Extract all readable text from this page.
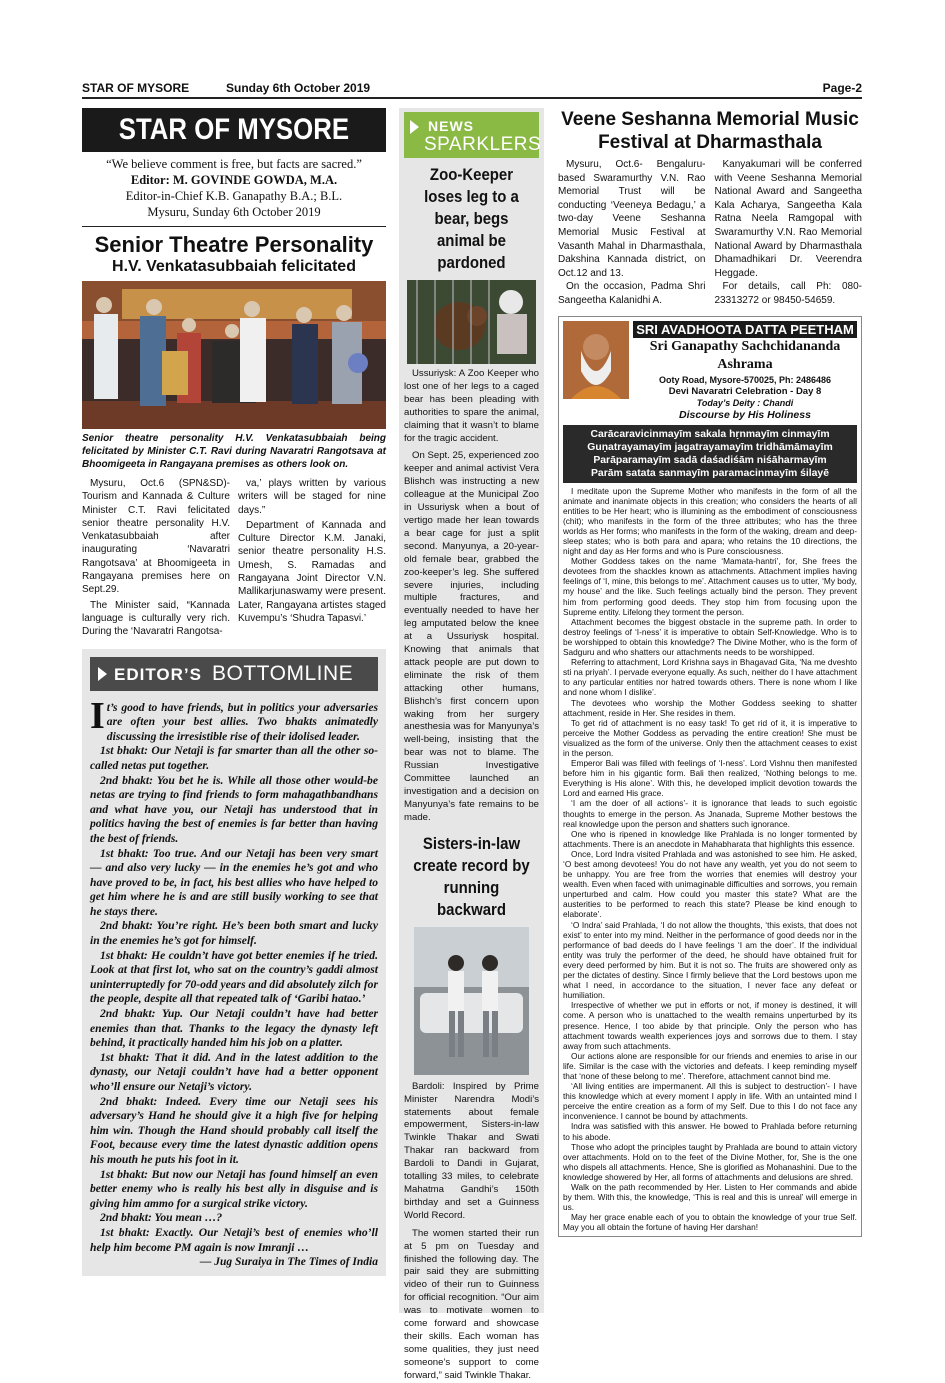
STAR OF MYSORE	Sunday 6th October 2019	Page-2
STAR OF MYSORE
“We believe comment is free, but facts are sacred.”
Editor: M. GOVINDE GOWDA, M.A.
Editor-in-Chief K.B. Ganapathy B.A.; B.L.
Mysuru, Sunday 6th October 2019
Senior Theatre Personality
H.V. Venkatasubbaiah felicitated
Senior theatre personality H.V. Venkatasubbaiah being felicitated by Minister C.T. Ravi during Navaratri Rangotsava at Bhoomigeeta in Rangayana premises as others look on.

Mysuru, Oct.6 (SPN&SD)- Tourism and Kannada & Culture Minister C.T. Ravi felicitated senior theatre personality H.V. Venkatasubbaiah after inaugurating ‘Navaratri Rangotsava’ at Bhoomigeeta in Rangayana premises here on Sept.29.

The Minister said, “Kannada language is culturally very rich. During the ‘Navaratri Rangotsa-

va,’ plays written by various writers will be staged for nine days.”

Department of Kannada and Culture Director K.M. Janaki, senior theatre personality H.S. Umesh, S. Ramadas and Rangayana Joint Director V.N. Mallikarjunaswamy were present. Later, Rangayana artistes staged Kuvempu’s ‘Shudra Tapasvi.’

EDITOR’S BOTTOMLINE

It’s good to have friends, but in politics your adversaries are often your best allies. Two bhakts animatedly discussing the irresistible rise of their idolised leader.

1st bhakt: Our Netaji is far smarter than all the other so-called netas put together.

2nd bhakt: You bet he is. While all those other would-be netas are trying to find friends to form mahagathbandhans and what have you, our Netaji has understood that in politics having the best of enemies is far better than having the best of friends.

1st bhakt: Too true. And our Netaji has been very smart — and also very lucky — in the enemies he’s got and who have proved to be, in fact, his best allies who have helped to get him where he is and are still busily working to see that he stays there.

2nd bhakt: You’re right. He’s been both smart and lucky in the enemies he’s got for himself.

1st bhakt: He couldn’t have got better enemies if he tried. Look at that first lot, who sat on the country’s gaddi almost uninterruptedly for 70-odd years and did absolutely zilch for the people, despite all that repeated talk of ‘Garibi hatao.’

2nd bhakt: Yup. Our Netaji couldn’t have had better enemies than that. Thanks to the legacy the dynasty left behind, it practically handed him his job on a platter.

1st bhakt: That it did. And in the latest addition to the dynasty, our Netaji couldn’t have had a better opponent who’ll ensure our Netaji’s victory.

2nd bhakt: Indeed. Every time our Netaji sees his adversary’s Hand he should give it a high five for helping him win. Though the Hand should probably call itself the Foot, because every time the latest dynastic addition opens his mouth he puts his foot in it.

1st bhakt: But now our Netaji has found himself an even better enemy who is really his best ally in disguise and is giving him ammo for a surgical strike victory.

2nd bhakt: You mean …?

1st bhakt: Exactly. Our Netaji’s best of enemies who’ll help him become PM again is now Imranji …

— Jug Suraiya in The Times of India
NEWS
SPARKLERS
Zoo-Keeper loses leg to a bear, begs animal be pardoned

Ussuriysk: A Zoo Keeper who lost one of her legs to a caged bear has been pleading with authorities to spare the animal, claiming that it wasn’t to blame for the tragic accident.

On Sept. 25, experienced zoo keeper and animal activist Vera Blishch was instructing a new colleague at the Municipal Zoo in Ussuriysk when a bout of vertigo made her lean towards a bear cage for just a split second. Manyunya, a 20-year-old female bear, grabbed the zoo-keeper’s leg. She suffered severe injuries, including multiple fractures, and eventually needed to have her leg amputated below the knee at a Ussuriysk hospital. Knowing that animals that attack people are put down to eliminate the risk of them attacking other humans, Blishch’s first concern upon waking from her surgery anesthesia was for Manyunya’s well-being, insisting that the bear was not to blame. The Russian Investigative Committee launched an investigation and a decision on Manyunya’s fate remains to be made.

Sisters-in-law create record by running backward

Bardoli: Inspired by Prime Minister Narendra Modi’s statements about female empowerment, Sisters-in-law Twinkle Thakar and Swati Thakar ran backward from Bardoli to Dandi in Gujarat, totalling 33 miles, to celebrate Mahatma Gandhi’s 150th birthday and set a Guinness World Record.

The women started their run at 5 pm on Tuesday and finished the following day. The pair said they are submitting video of their run to Guinness for official recognition. “Our aim was to motivate women to come forward and showcase their skills. Each woman has some qualities, they just need someone’s support to come forward,” said Twinkle Thakar.

Veene Seshanna Memorial Music Festival at Dharmasthala

Mysuru, Oct.6- Bengaluru-based Swaramurthy V.N. Rao Memorial Trust will be conducting ‘Veeneya Bedagu,’ a two-day Veene Seshanna Memorial Music Festival at Vasanth Mahal in Dharmasthala, Dakshina Kannada district, on Oct.12 and 13.

On the occasion, Padma Shri Sangeetha Kalanidhi A.

Kanyakumari will be conferred with Veene Seshanna Memorial National Award and Sangeetha Kala Acharya, Sangeetha Kala Ratna Neela Ramgopal with Swaramurthy V.N. Rao Memorial National Award by Dharmasthala Dhamadhikari Dr. Veerendra Heggade.

For details, call Ph: 080-23313272 or 98450-54659.

SRI AVADHOOTA DATTA PEETHAM
Sri Ganapathy Sachchidananda Ashrama
Ooty Road, Mysore-570025, Ph: 2486486
Devi Navaratri Celebration - Day 8
Today’s Deity : Chandi
Discourse by His Holiness
Carācaravicinmayīm sakala hṛnmayīm cinmayīm
Guṇatrayamayīm jagatrayamayīm tridhāmāmayīm
Parāparamayīm sadā daśadiśām niśāharmayīm
Parām satata sanmayīm paramacinmayīm śilayē

I meditate upon the Supreme Mother who manifests in the form of all the animate and inanimate objects in this creation; who considers the hearts of all entities to be Her heart; who is illumining as the embodiment of consciousness (chit); who manifests in the form of the three attributes; who has the three worlds as Her forms; who manifests in the form of the waking, dream and deep-sleep states; who is both para and apara; who retains the 10 directions, the night and day as Her forms and who is Pure consciousness.

Mother Goddess takes on the name ‘Mamata-hantri’, for, She frees the devotees from the shackles known as attachments. Attachment implies having feelings of ‘I, mine, this belongs to me’. Attachment causes us to utter, ‘My body, my house’ and the like. Such feelings actually bind the person. They prevent him from performing good deeds. They stop him from focusing upon the Supreme entity. Lifelong they torment the person.

Attachment becomes the biggest obstacle in the supreme path. In order to destroy feelings of ‘I-ness’ it is imperative to obtain Self-Knowledge. Who is to be worshipped to obtain this knowledge? The Divine Mother, who is the form of Sadguru and who shatters our attachments needs to be worshipped.

Referring to attachment, Lord Krishna says in Bhagavad Gita, ‘Na me dveshto sti na priyah’. I pervade everyone equally. As such, neither do I have attachment to any particular entities nor hatred towards others. There is none whom I like and none whom I dislike’.

The devotees who worship the Mother Goddess seeking to shatter attachment, reside in Her. She resides in them.

To get rid of attachment is no easy task! To get rid of it, it is imperative to perceive the Mother Goddess as pervading the entire creation! She must be visualized as the form of the universe. Only then the attachment ceases to exist in the person.

Emperor Bali was filled with feelings of ‘I-ness’. Lord Vishnu then manifested before him in his gigantic form. Bali then realized, ‘Nothing belongs to me. Everything is His alone’. With this, he developed implicit devotion towards the Lord and earned His grace.

‘I am the doer of all actions’- it is ignorance that leads to such egoistic thoughts to emerge in the person. As Jnanada, Supreme Mother bestows the real knowledge upon the person and shatters such ignorance.

One who is ripened in knowledge like Prahlada is no longer tormented by attachments. There is an anecdote in Mahabharata that highlights this essence.

Once, Lord Indra visited Prahlada and was astonished to see him. He asked, ‘O best among devotees! You do not have any wealth, yet you do not seem to be unhappy. You are free from the worries that enemies will destroy your wealth. Even when faced with unimaginable difficulties and sorrows, you remain unperturbed and calm. How could you master this state? What are the austerities to be performed to reach this state? Please be kind enough to elaborate’.

‘O Indra’ said Prahlada, ‘I do not allow the thoughts, ‘this exists, that does not exist’ to enter into my mind. Neither in the performance of good deeds nor in the performance of bad deeds do I have feelings ‘I am the doer’. If the individual entity was truly the performer of the deed, he should have obtained fruit for every deed performed by him. But it is not so. The fruits are showered only as per the dictates of destiny. Since I firmly believe that the Lord bestows upon me what I need, in accordance to the situation, I never face any defeat or humiliation.

Irrespective of whether we put in efforts or not, if money is destined, it will come. A person who is unattached to the wealth remains unperturbed by its presence. Hence, I too abide by that principle. Only the person who has attachment towards wealth experiences joys and sorrows due to them. I stay away from such attachments.

Our actions alone are responsible for our friends and enemies to arise in our life. Similar is the case with the victories and defeats. I keep reminding myself that ‘none of these belong to me’. Therefore, attachment cannot bind me.

‘All living entities are impermanent. All this is subject to destruction’- I have this knowledge which at every moment I apply in life. With an untainted mind I perceive the entire creation as a form of my Self. Due to this I do not face any inconvenience. I cannot be bound by attachments.

Indra was satisfied with this answer. He bowed to Prahlada before returning to his abode.

Those who adopt the principles taught by Prahlada are bound to attain victory over attachments. Hold on to the feet of the Divine Mother, for, She is the one who dispels all attachments. Hence, She is glorified as Mohanashini. Due to the knowledge showered by Her, all forms of attachments and delusions are shred.

Walk on the path recommended by Her. Listen to Her commands and abide by them. With this, the knowledge, ‘This is real and this is unreal’ will emerge in us.

May her grace enable each of you to obtain the knowledge of your true Self. May you all obtain the fortune of having Her darshan!
